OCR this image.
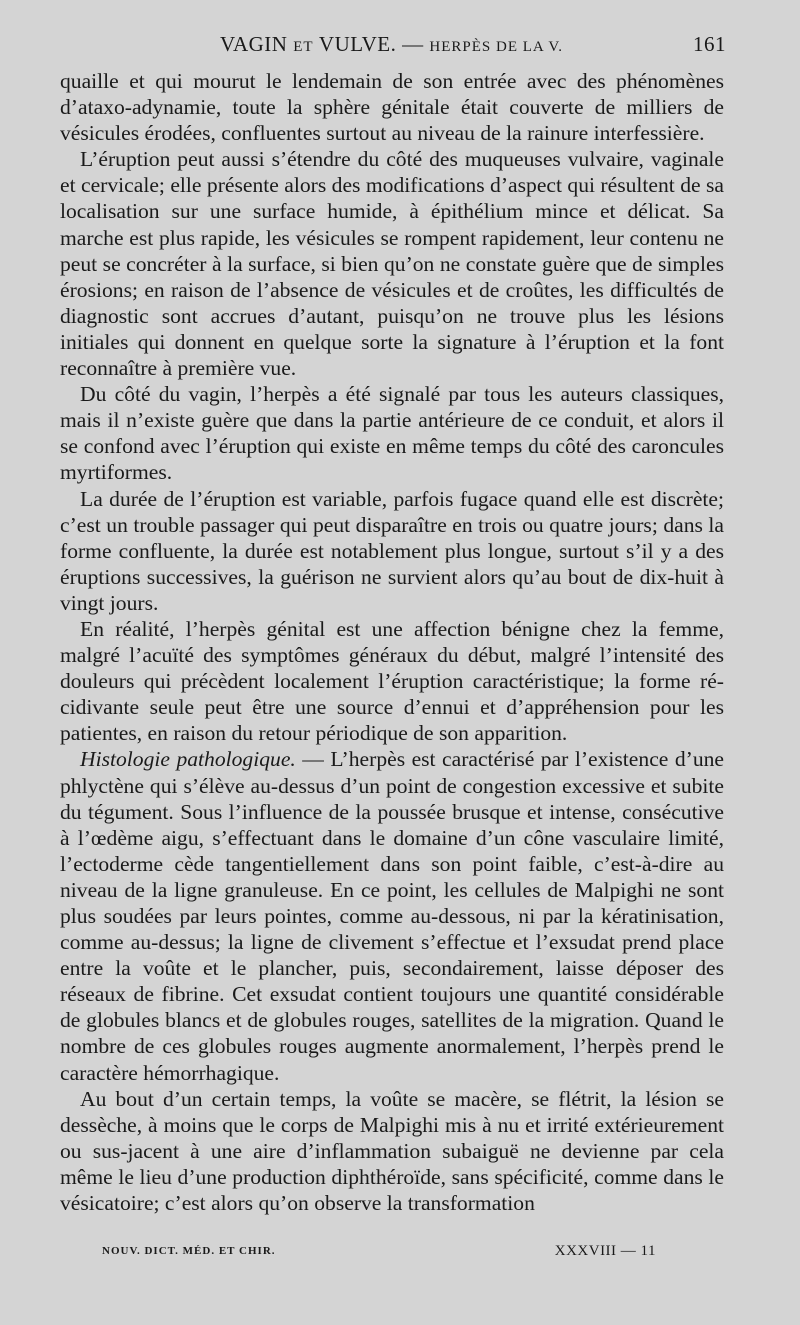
VAGIN ET VULVE. — HERPÈS DE LA V.	161

quaille et qui mourut le lendemain de son entrée avec des phénomènes d’ataxo-adynamie, toute la sphère génitale était couverte de milliers de vésicules érodées, confluentes surtout au niveau de la rainure interfessière.

L’éruption peut aussi s’étendre du côté des muqueuses vulvaire, vaginale et cervicale; elle présente alors des modifications d’aspect qui résultent de sa localisation sur une surface humide, à épithélium mince et délicat. Sa marche est plus rapide, les vésicules se rompent rapidement, leur contenu ne peut se concréter à la surface, si bien qu’on ne constate guère que de simples érosions; en raison de l’absence de vésicules et de croûtes, les difficultés de diagnostic sont accrues d’autant, puisqu’on ne trouve plus les lésions initiales qui donnent en quelque sorte la signature à l’éruption et la font reconnaître à première vue.

Du côté du vagin, l’herpès a été signalé par tous les auteurs classiques, mais il n’existe guère que dans la partie antérieure de ce conduit, et alors il se confond avec l’éruption qui existe en même temps du côté des caroncules myrtiformes.

La durée de l’éruption est variable, parfois fugace quand elle est discrète; c’est un trouble passager qui peut disparaître en trois ou quatre jours; dans la forme confluente, la durée est notablement plus longue, surtout s’il y a des éruptions successives, la guérison ne survient alors qu’au bout de dix-huit à vingt jours.

En réalité, l’herpès génital est une affection bénigne chez la femme, malgré l’acuïté des symptômes généraux du début, malgré l’intensité des douleurs qui précèdent localement l’éruption caractéristique; la forme récidivante seule peut être une source d’ennui et d’appréhension pour les patientes, en raison du retour périodique de son apparition.

Histologie pathologique. — L’herpès est caractérisé par l’existence d’une phlyctène qui s’élève au-dessus d’un point de congestion excessive et subite du tégument. Sous l’influence de la poussée brusque et intense, consécutive à l’œdème aigu, s’effectuant dans le domaine d’un cône vasculaire limité, l’ectoderme cède tangentiellement dans son point faible, c’est-à-dire au niveau de la ligne granuleuse. En ce point, les cellules de Malpighi ne sont plus soudées par leurs pointes, comme au-dessous, ni par la kératinisation, comme au-dessus; la ligne de clivement s’effectue et l’exsudat prend place entre la voûte et le plancher, puis, secondairement, laisse déposer des réseaux de fibrine. Cet exsudat contient toujours une quantité considérable de globules blancs et de globules rouges, satellites de la migration. Quand le nombre de ces globules rouges augmente anormalement, l’herpès prend le caractère hémorrhagique.

Au bout d’un certain temps, la voûte se macère, se flétrit, la lésion se dessèche, à moins que le corps de Malpighi mis à nu et irrité extérieurement ou sus-jacent à une aire d’inflammation subaiguë ne devienne par cela même le lieu d’une production diphthéroïde, sans spécificité, comme dans le vésicatoire; c’est alors qu’on observe la transformation

NOUV. DICT. MÉD. ET CHIR.	XXXVIII — 11
